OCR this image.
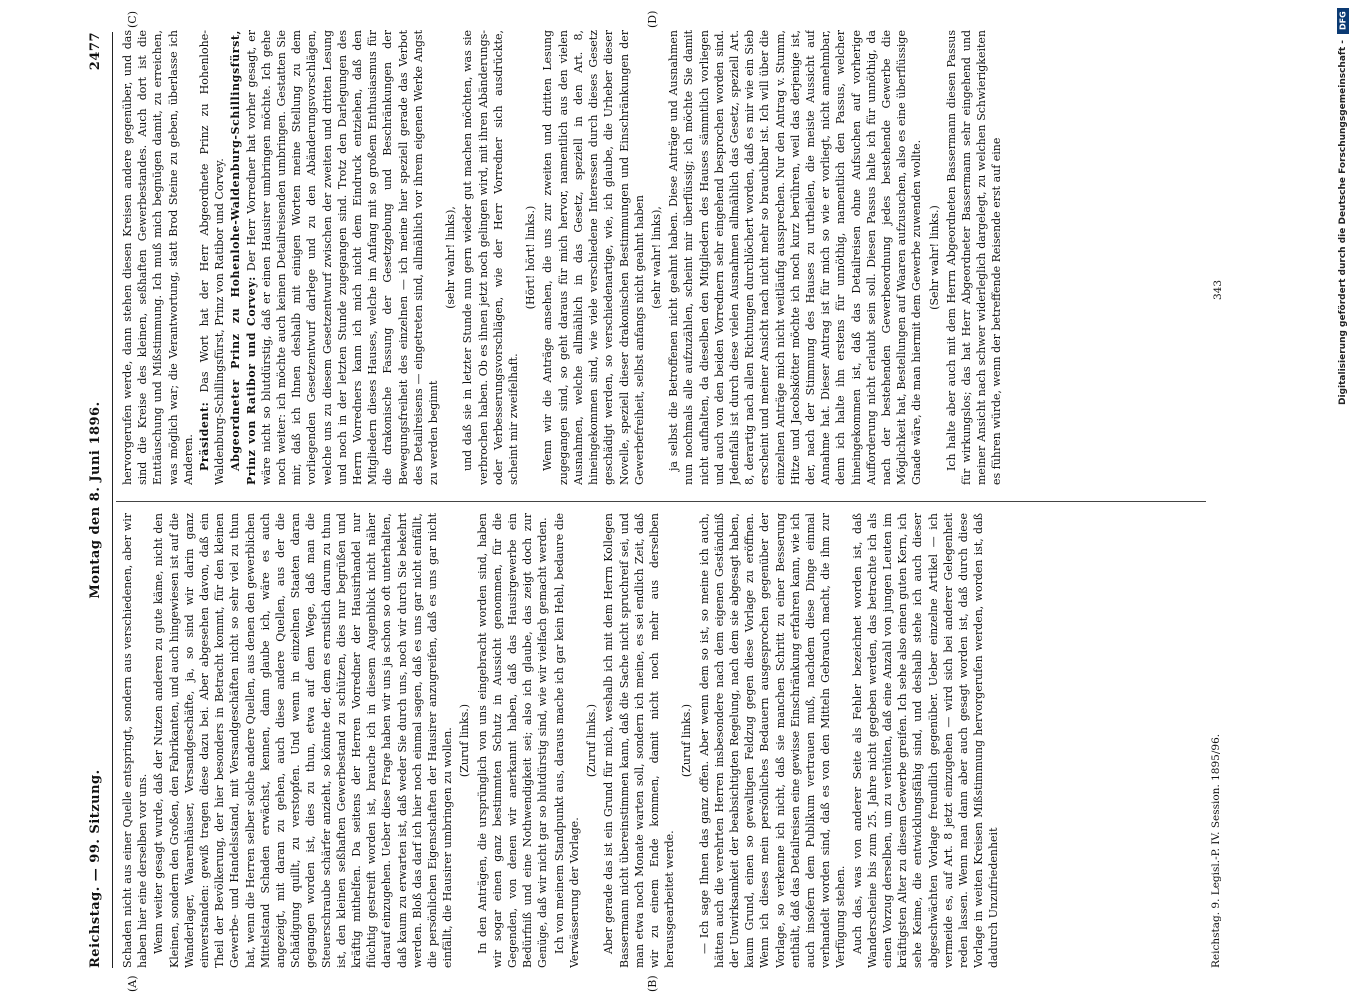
Montag den 8. Juni 1896.
Reichstag. — 99. Sitzung.
2477
(A)	(B)
(C)	(D)

Schaden nicht aus einer Quelle entspringt, sondern aus verschiedenen, aber wir haben hier eine derselben vor uns. Wenn weiter gesagt wurde, daß der Nutzen anderen zu gute käme, nicht den Kleinen, sondern den Großen, den Fabrikanten, und auch hingewiesen ist auf die Wanderlager, Waarenhäuser, Versandgeschäfte, ja, so sind wir darin ganz einverstanden: gewiß tragen diese dazu bei. Aber abgesehen davon, daß ein Theil der Bevölkerung, der hier besonders in Betracht kommt, für den kleinen Gewerbe- und Handelsstand, mit Versandgeschäften nicht so sehr viel zu thun hat, wenn die Herren selber solche andere Quellen, aus denen den gewerblichen Mittelstand Schaden erwächst, kennen, dann glaube ich, wäre es auch angezeigt, mit daran zu gehen, auch diese andere Quellen, aus der die Schädigung quillt, zu verstopfen. Und wenn in einzelnen Staaten daran gegangen worden ist, dies zu thun, etwa auf dem Wege, daß man die Steuerschraube schärfer anzieht, so könnte der, dem es ernstlich darum zu thun ist, den kleinen seßhaften Gewerbestand zu schützen, dies nur begrüßen und kräftig mithelfen. Da seitens der Herren Vorredner der Hausirhandel nur flüchtig gestreift worden ist, brauche ich in diesem Augenblick nicht näher darauf einzugehen. Ueber diese Frage haben wir uns ja schon so oft unterhalten, daß kaum zu erwarten ist, daß weder Sie durch uns, noch wir durch Sie bekehrt werden. Bloß das darf ich hier noch einmal sagen, daß es uns gar nicht einfällt, die persönlichen Eigenschaften der Hausirer anzugreifen, daß es uns gar nicht einfällt, die Hausirer umbringen zu wollen. (Zuruf links.) In den Anträgen, die ursprünglich von uns eingebracht worden sind, haben wir sogar einen ganz bestimmten Schutz in Aussicht genommen, für die Gegenden, von denen wir anerkannt haben, daß das Hausirgewerbe ein Bedürfniß und eine Nothwendigkeit sei; also ich glaube, das zeigt doch zur Genüge, daß wir nicht gar so blutdürstig sind, wie wir vielfach gemacht werden. Ich von meinem Standpunkt aus, daraus mache ich gar kein Hehl, bedaure die Verwässerung der Vorlage.

(Zuruf links.) Aber gerade das ist ein Grund für mich, weshalb ich mit dem Herrn Kollegen Bassermann nicht übereinstimmen kann, daß die Sache nicht spruchreif sei, und man etwa noch Monate warten soll, sondern ich meine, es sei endlich Zeit, daß wir zu einem Ende kommen, damit nicht noch mehr aus derselben herausgearbeitet werde.

(Zuruf links.) — Ich sage Ihnen das ganz offen. Aber wenn dem so ist, so meine ich auch, hätten auch die verehrten Herren insbesondere nach dem eigenen Geständniß der Unwirksamkeit der beabsichtigten Regelung, nach dem sie abgesagt haben, kaum Grund, einen so gewaltigen Feldzug gegen diese Vorlage zu eröffnen. Wenn ich dieses mein persönliches Bedauern ausgesprochen gegenüber der Vorlage, so verkenne ich nicht, daß sie manchen Schritt zu einer Besserung enthält, daß das Detailreisen eine gewisse Einschränkung erfahren kann, wie ich auch insofern dem Publikum vertrauen muß, nachdem diese Dinge einmal verhandelt worden sind, daß es von den Mitteln Gebrauch macht, die ihm zur Verfügung stehen. Auch das, was von anderer Seite als Fehler bezeichnet worden ist, daß Wanderscheine bis zum 25. Jahre nicht gegeben werden, das betrachte ich als einen Vorzug derselben, um zu verhüten, daß eine Anzahl von jungen Leuten im kräftigsten Alter zu diesem Gewerbe greifen. Ich sehe also einen guten Kern, ich sehe Keime, die entwicklungsfähig sind, und deshalb stehe ich auch dieser abgeschwächten Vorlage freundlich gegenüber. Ueber einzelne Artikel — ich vermeide es, auf Art. 8 jetzt einzugehen — wird sich bei anderer Gelegenheit reden lassen. Wenn man dann aber auch gesagt worden ist, daß durch diese Vorlage in weiten Kreisen Mißstimmung hervorgerufen werden, worden ist, daß dadurch Unzufriedenheit

hervorgerufen werde, dann stehen diesen Kreisen andere gegenüber, und das sind die Kreise des kleinen, seßhaften Gewerbestandes. Auch dort ist die Enttäuschung und Mißstimmung. Ich muß mich begnügen damit, zu erreichen, was möglich war; die Verantwortung, statt Brod Steine zu geben, überlasse ich Anderen. Präsident: Das Wort hat der Herr Abgeordnete Prinz zu Hohenlohe-Waldenburg-Schillingsfürst, Prinz von Ratibor und Corvey. Abgeordneter Prinz zu Hohenlohe-Waldenburg-Schillingsfürst, Prinz von Ratibor und Corvey: Der Herr Vorredner hat vorher gesagt, er wäre nicht so blutdürstig, daß er einen Hausirer umbringen möchte. Ich gehe noch weiter: ich möchte auch keinen Detailreisenden umbringen. Gestatten Sie mir, daß ich Ihnen deshalb mit einigen Worten meine Stellung zu dem vorliegenden Gesetzentwurf darlege und zu den Abänderungsvorschlägen, welche uns zu diesem Gesetzentwurf zwischen der zweiten und dritten Lesung und noch in der letzten Stunde zugegangen sind. Trotz den Darlegungen des Herrn Vorredners kann ich mich nicht dem Eindruck entziehen, daß den Mitgliedern dieses Hauses, welche im Anfang mit so großem Enthusiasmus für die drakonische Fassung der Gesetzgebung und Beschränkungen der Bewegungsfreiheit des einzelnen — ich meine hier speziell gerade das Verbot des Detailreisens — eingetreten sind, allmählich vor ihrem eigenen Werke Angst zu werden beginnt

(sehr wahr! links), und daß sie in letzter Stunde nun gern wieder gut machen möchten, was sie verbrochen haben. Ob es ihnen jetzt noch gelingen wird, mit ihren Abänderungs- oder Verbesserungsvorschlägen, wie der Herr Vorredner sich ausdrückte, scheint mir zweifelhaft.

(Hört! hört! links.) Wenn wir die Anträge ansehen, die uns zur zweiten und dritten Lesung zugegangen sind, so geht daraus für mich hervor, namentlich aus den vielen Ausnahmen, welche allmählich in das Gesetz, speziell in den Art. 8, hineingekommen sind, wie viele verschiedene Interessen durch dieses Gesetz geschädigt werden, so verschiedenartige, wie, ich glaube, die Urheber dieser Novelle, speziell dieser drakonischen Bestimmungen und Einschränkungen der Gewerbefreiheit, selbst anfangs nicht geahnt haben (sehr wahr! links), ja selbst die Betroffenen nicht geahnt haben. Diese Anträge und Ausnahmen nun nochmals alle aufzuzählen, scheint mir überflüssig; ich möchte Sie damit nicht aufhalten, da dieselben den Mitgliedern des Hauses sämmtlich vorliegen und auch von den beiden Vorrednern sehr eingehend besprochen worden sind. Jedenfalls ist durch diese vielen Ausnahmen allmählich das Gesetz, speziell Art. 8, derartig nach allen Richtungen durchlöchert worden, daß es mir wie ein Sieb erscheint und meiner Ansicht nach nicht mehr so brauchbar ist. Ich will über die einzelnen Anträge mich nicht weitläufig aussprechen. Nur den Antrag v. Stumm, Hitze und Jacobskötter möchte ich noch kurz berühren, weil das derjenige ist, der, nach der Stimmung des Hauses zu urtheilen, die meiste Aussicht auf Annahme hat. Dieser Antrag ist für mich so wie er vorliegt, nicht annehmbar, denn ich halte ihn erstens für unnöthig, namentlich den Passus, welcher hineingekommen ist, daß das Detailreisen ohne Aufsuchen auf vorherige Aufforderung nicht erlaubt sein soll. Diesen Passus halte ich für unnöthig, da nach der bestehenden Gewerbeordnung jedes bestehende Gewerbe die Möglichkeit hat, Bestellungen auf Waaren aufzusuchen, also es eine überflüssige Gnade wäre, die man hiermit dem Gewerbe zuwenden wollte. (Sehr wahr! links.) Ich halte aber auch mit dem Herrn Abgeordneten Bassermann diesen Passus für wirkungslos; das hat Herr Abgeordneter Bassermann sehr eingehend und meiner Ansicht nach schwer widerleglich dargelegt, zu welchen Schwierigkeiten es führen würde, wenn der betreffende Reisende erst auf eine

Reichstag. 9. Legisl.-P. IV. Session. 1895/96.
343
DFG
Digitalisierung gefördert durch die Deutsche Forschungsgemeinschaft -
